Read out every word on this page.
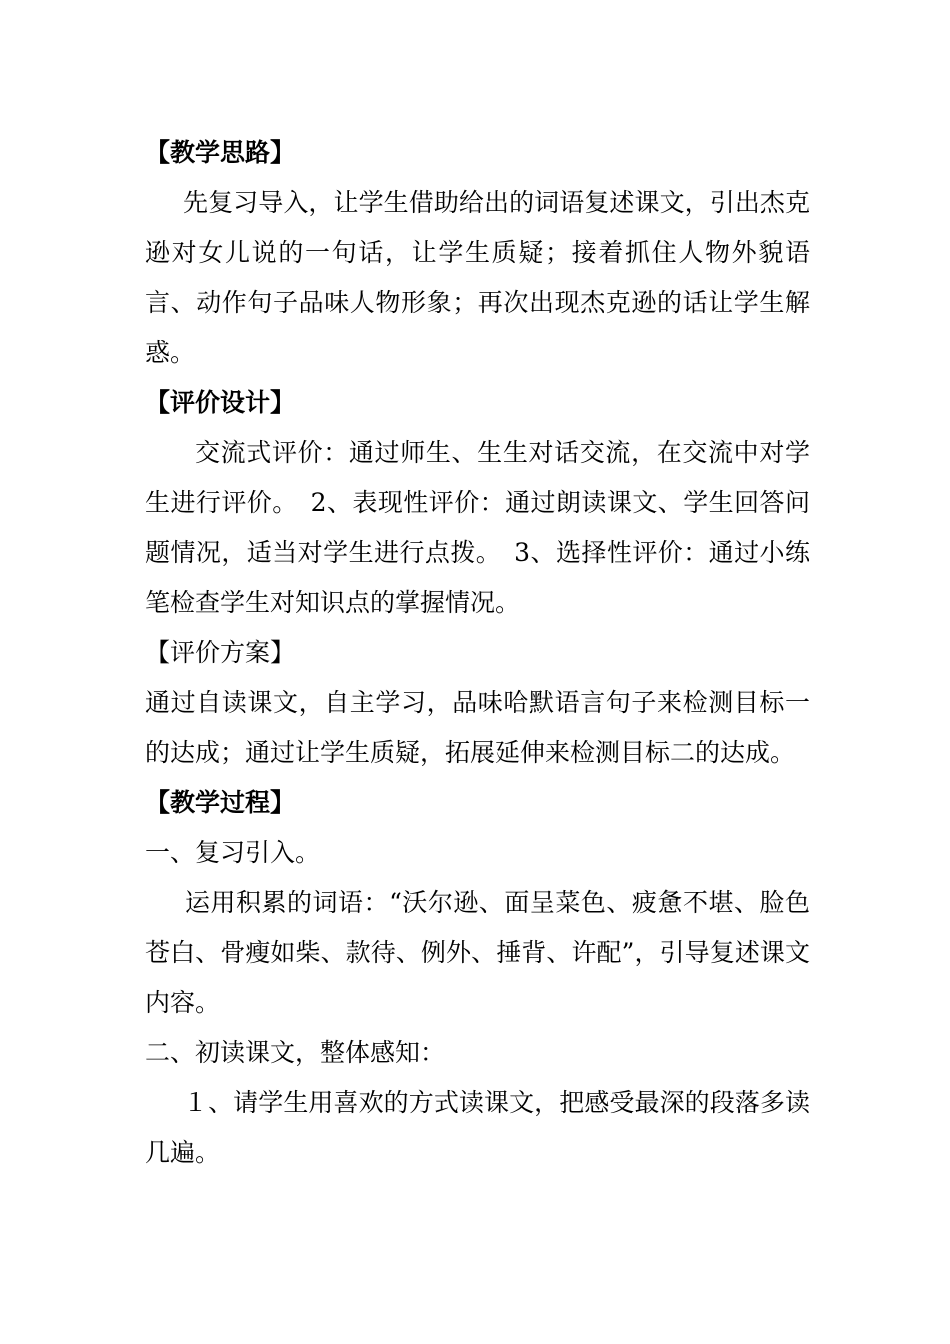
【教学思路】

先复习导入，让学生借助给出的词语复述课文，引出杰克逊对女儿说的一句话，让学生质疑；接着抓住人物外貌语言、动作句子品味人物形象；再次出现杰克逊的话让学生解惑。

【评价设计】

交流式评价：通过师生、生生对话交流，在交流中对学生进行评价。　2、表现性评价：通过朗读课文、学生回答问题情况，适当对学生进行点拨。　3、选择性评价：通过小练笔检查学生对知识点的掌握情况。

【评价方案】

通过自读课文，自主学习，品味哈默语言句子来检测目标一的达成；通过让学生质疑，拓展延伸来检测目标二的达成。

【教学过程】

一、复习引入。

运用积累的词语：“沃尔逊、面呈菜色、疲惫不堪、脸色苍白、骨瘦如柴、款待、例外、捶背、许配”，引导复述课文内容。

二、初读课文，整体感知：

１、请学生用喜欢的方式读课文，把感受最深的段落多读几遍。
